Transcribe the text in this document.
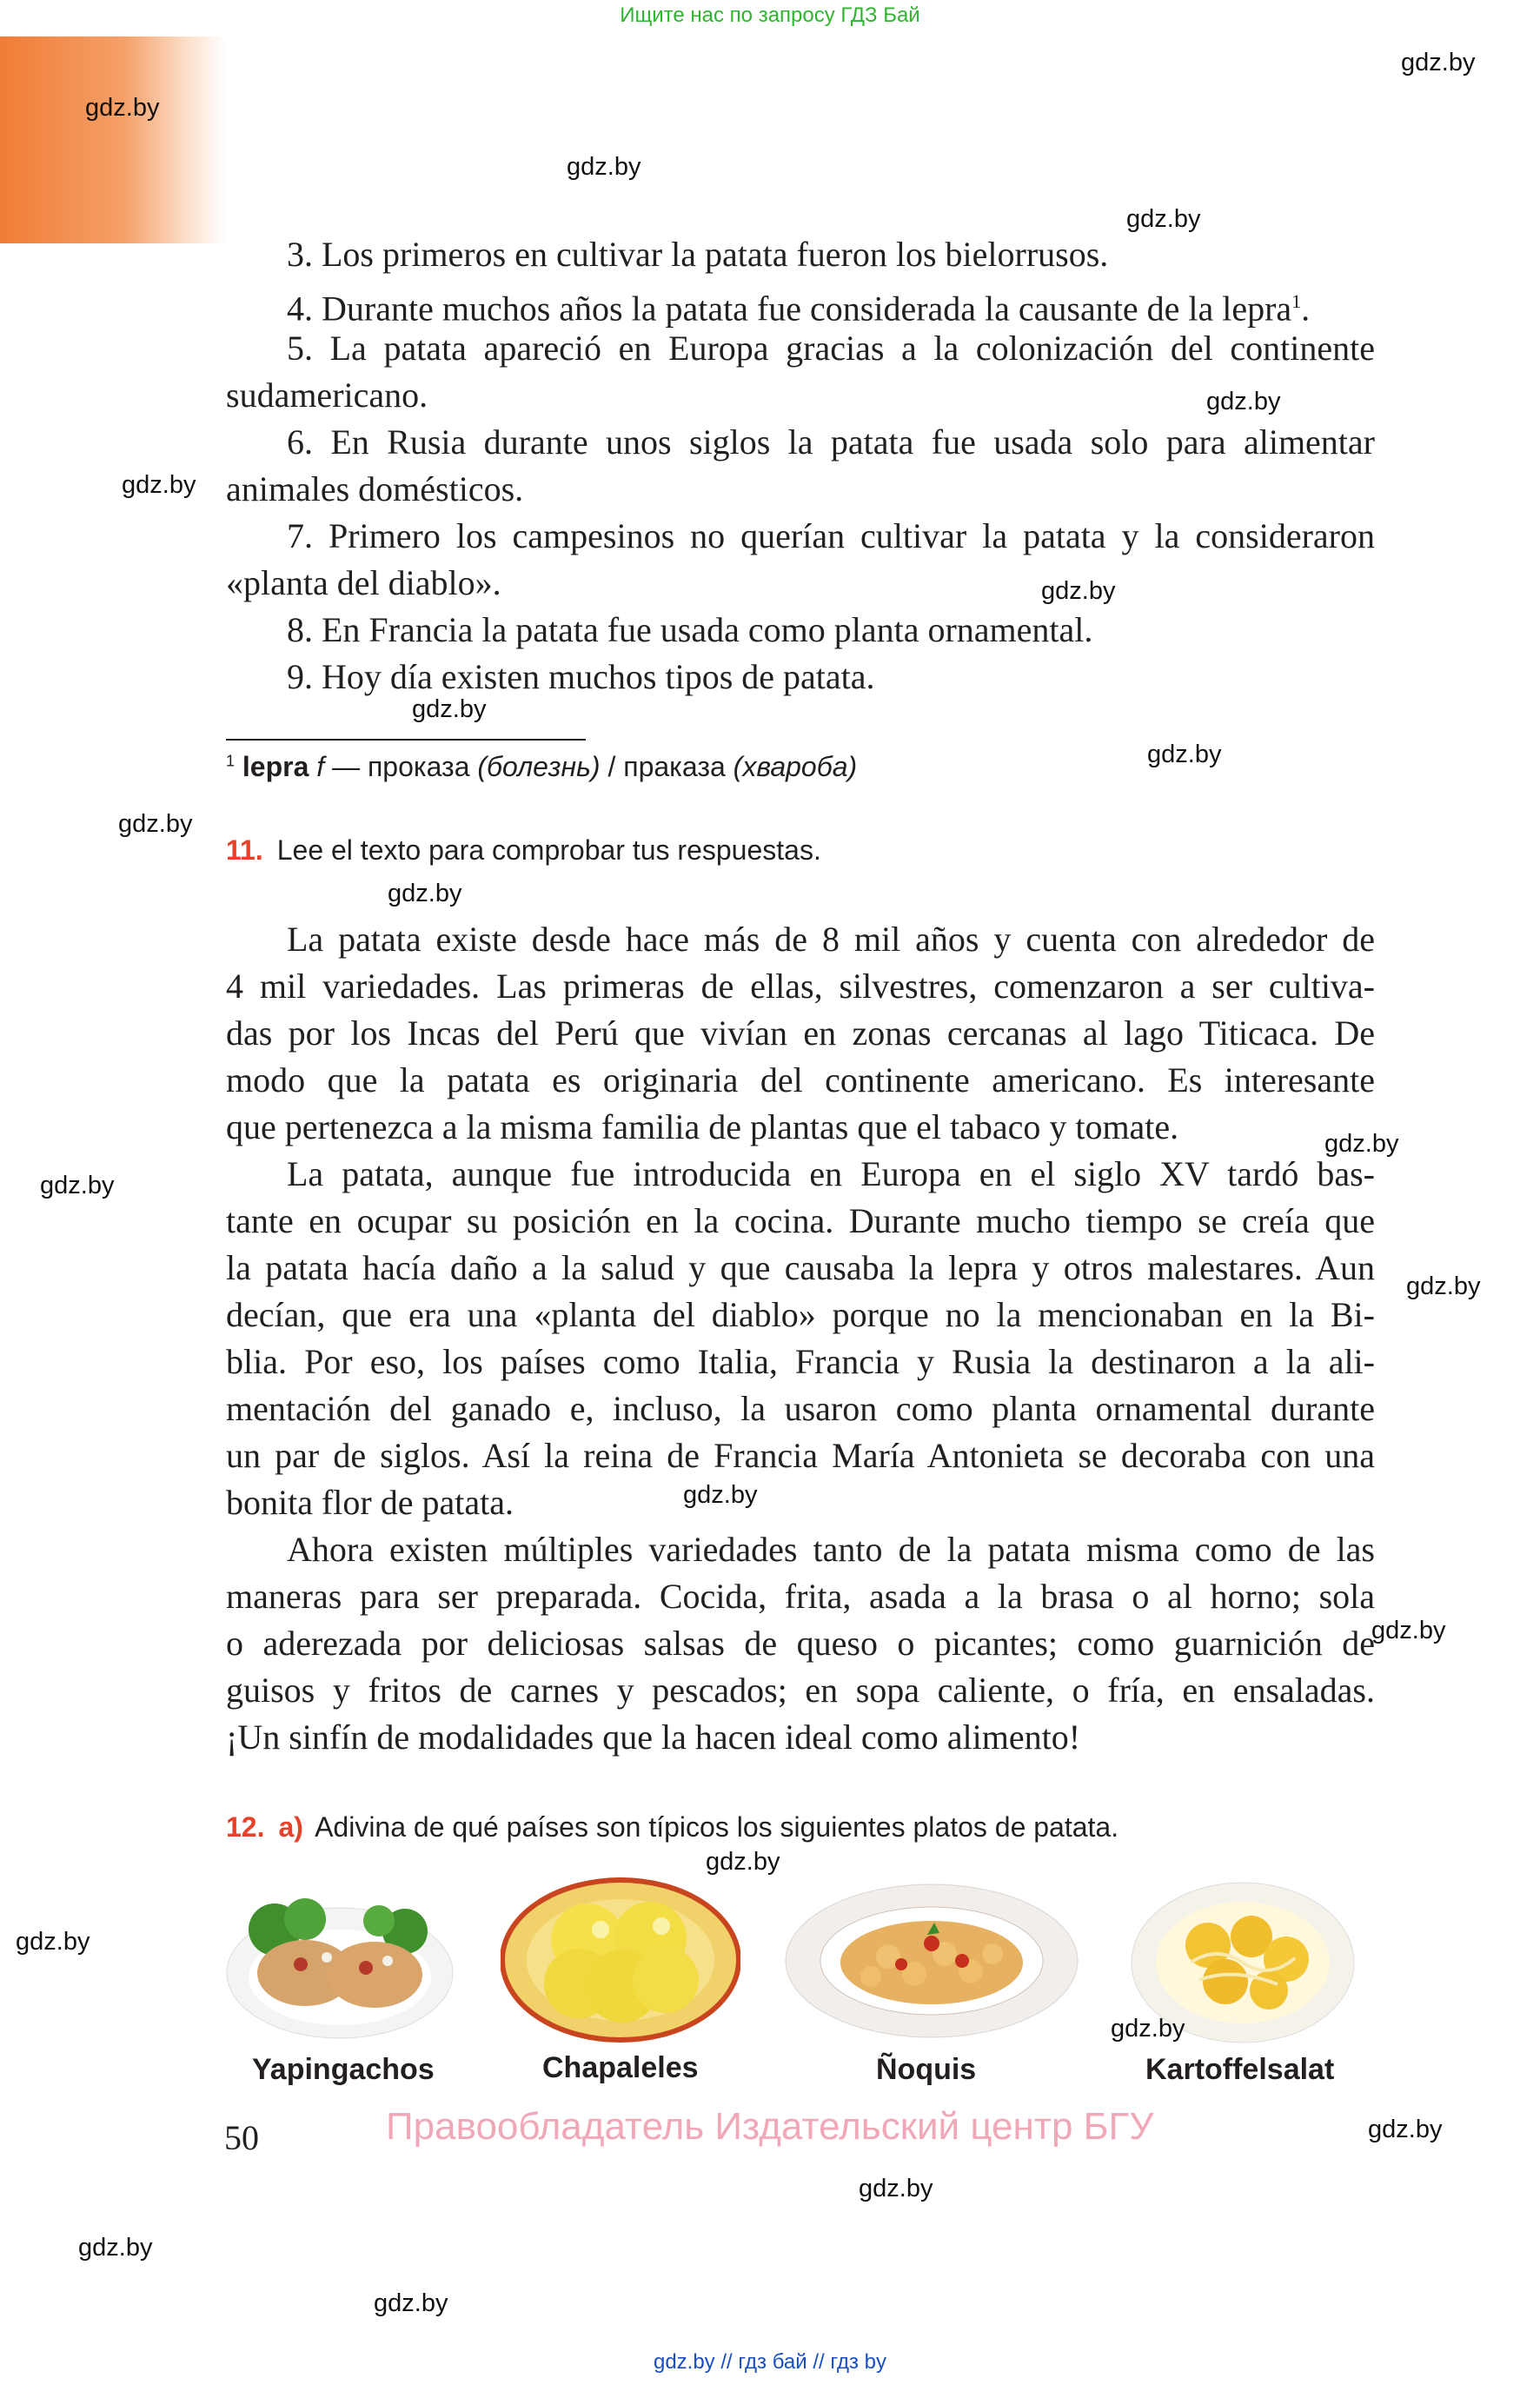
Ищите нас по запросу ГДЗ Бай
3. Los primeros en cultivar la patata fueron los bielorrusos.
4. Durante muchos años la patata fue considerada la causante de la lepra$^1$.
5. La patata apareció en Europa gracias a la colonización del continente
sudamericano.
6. En Rusia durante unos siglos la patata fue usada solo para alimentar
animales domésticos.
7. Primero los campesinos no querían cultivar la patata y la consideraron
«planta del diablo».
8. En Francia la patata fue usada como planta ornamental.
9. Hoy día existen muchos tipos de patata.
$^1$ lepra f — проказа (болезнь) / праказа (хвароба)
11. Lee el texto para comprobar tus respuestas.
La patata existe desde hace más de 8 mil años y cuenta con alrededor de
4 mil variedades. Las primeras de ellas, silvestres, comenzaron a ser cultiva-
das por los Incas del Perú que vivían en zonas cercanas al lago Titicaca. De
modo que la patata es originaria del continente americano. Es interesante
que pertenezca a la misma familia de plantas que el tabaco y tomate.
La patata, aunque fue introducida en Europa en el siglo XV tardó bas-
tante en ocupar su posición en la cocina. Durante mucho tiempo se creía que
la patata hacía daño a la salud y que causaba la lepra y otros malestares. Aun
decían, que era una «planta del diablo» porque no la mencionaban en la Bi-
blia. Por eso, los países como Italia, Francia y Rusia la destinaron a la ali-
mentación del ganado e, incluso, la usaron como planta ornamental durante
un par de siglos. Así la reina de Francia María Antonieta se decoraba con una
bonita flor de patata.
Ahora existen múltiples variedades tanto de la patata misma como de las
maneras para ser preparada. Cocida, frita, asada a la brasa o al horno; sola
o aderezada por deliciosas salsas de queso o picantes; como guarnición de
guisos y fritos de carnes y pescados; en sopa caliente, o fría, en ensaladas.
¡Un sinfín de modalidades que la hacen ideal como alimento!
12. a) Adivina de qué países son típicos los siguientes platos de patata.
Yapingachos	Chapaleles	Ñoquis	Kartoffelsalat
50	Правообладатель Издательский центр БГУ
gdz.by
gdz.by
gdz.by
gdz.by
gdz.by
gdz.by
gdz.by
gdz.by
gdz.by
gdz.by
gdz.by
gdz.by
gdz.by
gdz.by
gdz.by
gdz.by
gdz.by
gdz.by
gdz.by
gdz.by
gdz.by
gdz.by
gdz.by
gdz.by // гдз бай // гдз by
